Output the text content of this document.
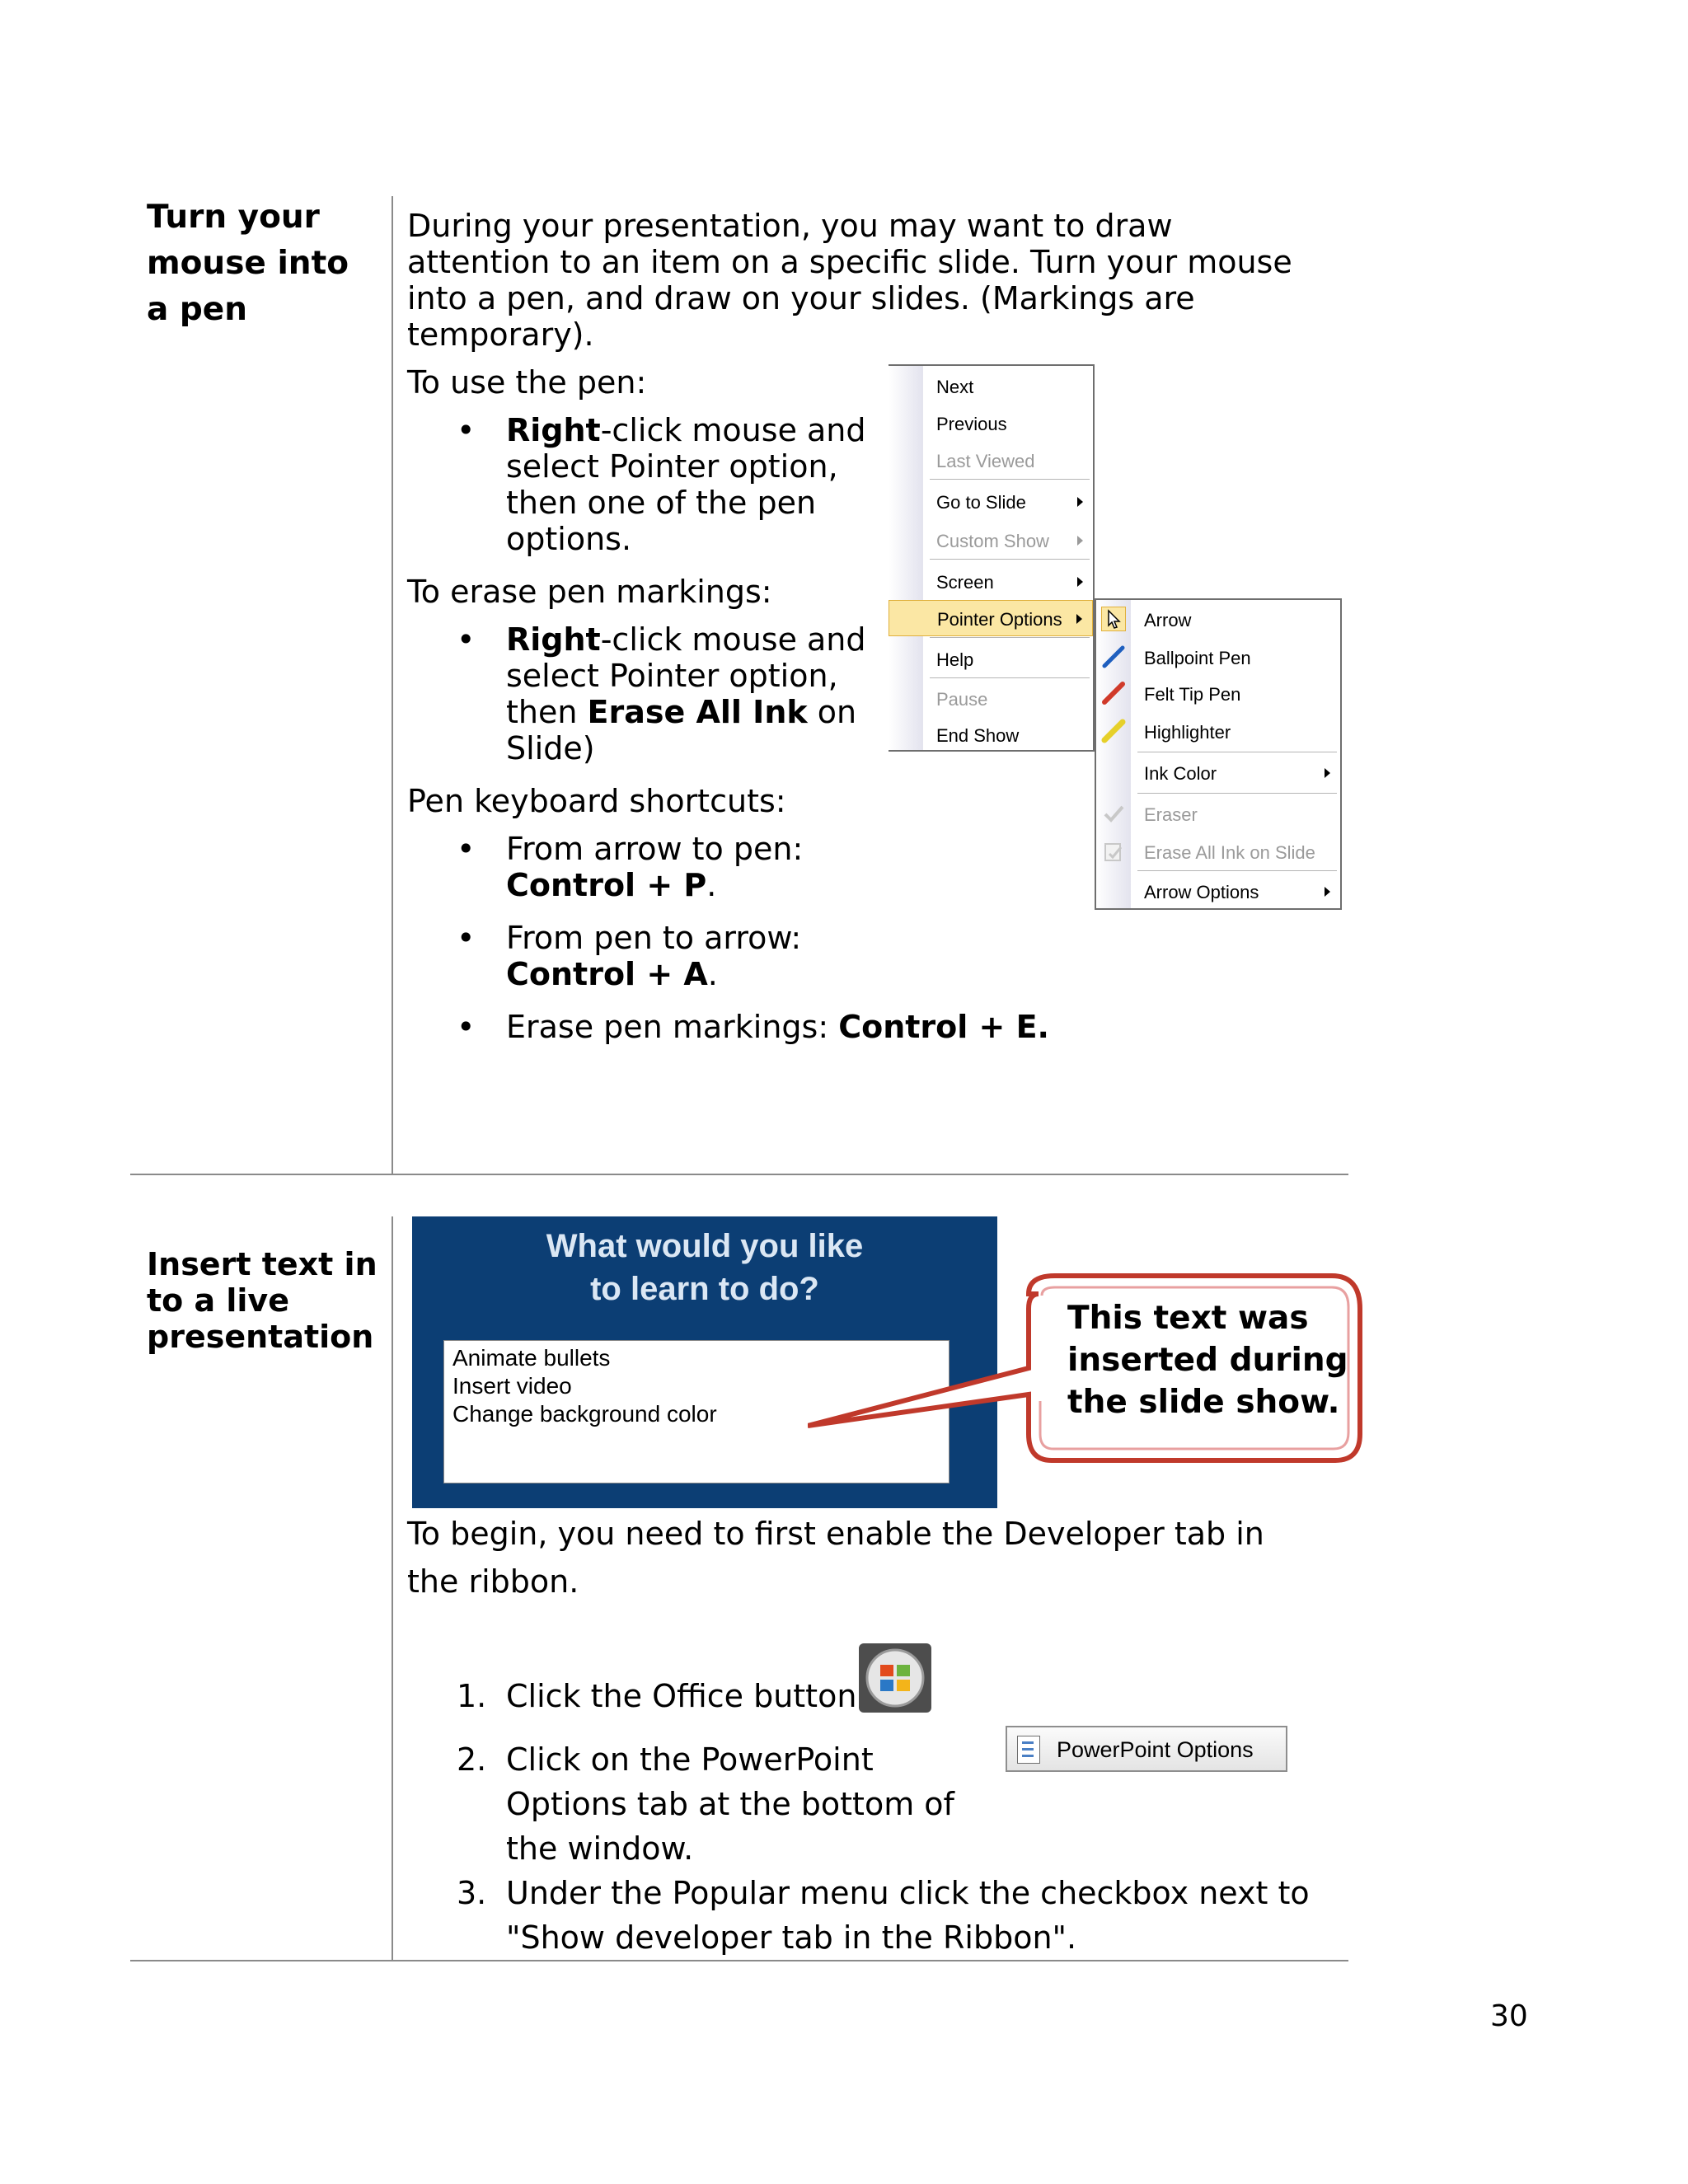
Turn your
mouse into
a pen

During your presentation, you may want to draw attention to an item on a specific slide. Turn your mouse into a pen, and draw on your slides. (Markings are temporary).

To use the pen:

• Right-click mouse and select Pointer option, then one of the pen options.

To erase pen markings:

• Right-click mouse and select Pointer option, then Erase All Ink on Slide)

Pen keyboard shortcuts:

• From arrow to pen: Control + P.
• From pen to arrow: Control + A.
• Erase pen markings: Control + E.
Next
Previous
Last Viewed
Go to Slide
Custom Show
Screen
Pointer Options
Help
Pause
End Show
Arrow
Ballpoint Pen
Felt Tip Pen
Highlighter
Ink Color
Eraser
Erase All Ink on Slide
Arrow Options
Insert text in
to a live
presentation
What would you like
to learn to do?
Animate bullets
Insert video
Change background color
This text was
inserted during
the slide show.
To begin, you need to first enable the Developer tab in the ribbon.
1. Click the Office button
2. Click on the PowerPoint Options tab at the bottom of the window.
3. Under the Popular menu click the checkbox next to "Show developer tab in the Ribbon".
PowerPoint Options
30
